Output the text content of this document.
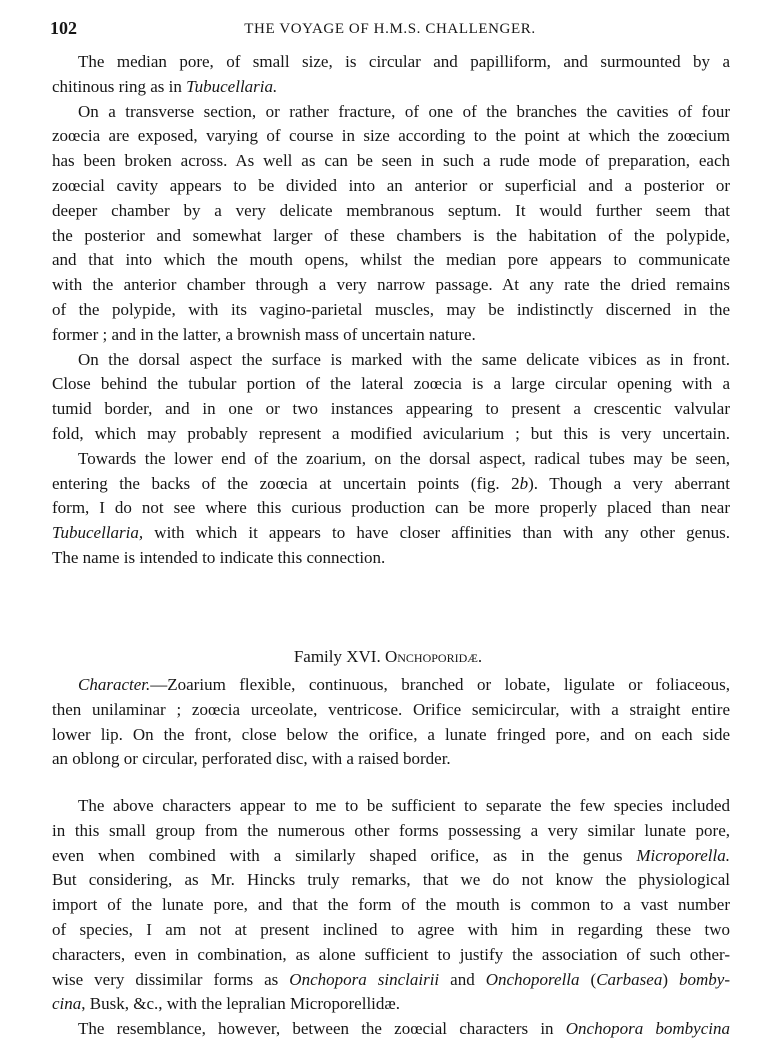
102	THE VOYAGE OF H.M.S. CHALLENGER.
The median pore, of small size, is circular and papilliform, and surmounted by a
chitinous ring as in Tubucellaria.
On a transverse section, or rather fracture, of one of the branches the cavities of four
zoœcia are exposed, varying of course in size according to the point at which the zoœcium
has been broken across. As well as can be seen in such a rude mode of preparation, each
zoœcial cavity appears to be divided into an anterior or superficial and a posterior or
deeper chamber by a very delicate membranous septum. It would further seem that
the posterior and somewhat larger of these chambers is the habitation of the polypide,
and that into which the mouth opens, whilst the median pore appears to communicate
with the anterior chamber through a very narrow passage. At any rate the dried remains
of the polypide, with its vagino-parietal muscles, may be indistinctly discerned in the
former ; and in the latter, a brownish mass of uncertain nature.
On the dorsal aspect the surface is marked with the same delicate vibices as in front.
Close behind the tubular portion of the lateral zoœcia is a large circular opening with a
tumid border, and in one or two instances appearing to present a crescentic valvular
fold, which may probably represent a modified avicularium ; but this is very uncertain.
Towards the lower end of the zoarium, on the dorsal aspect, radical tubes may be seen,
entering the backs of the zoœcia at uncertain points (fig. 2b). Though a very aberrant
form, I do not see where this curious production can be more properly placed than near
Tubucellaria, with which it appears to have closer affinities than with any other genus.
The name is intended to indicate this connection.
Family XVI. Onchoporidæ.
Character.—Zoarium flexible, continuous, branched or lobate, ligulate or foliaceous,
then unilaminar ; zoœcia urceolate, ventricose. Orifice semicircular, with a straight entire
lower lip. On the front, close below the orifice, a lunate fringed pore, and on each side
an oblong or circular, perforated disc, with a raised border.
The above characters appear to me to be sufficient to separate the few species included
in this small group from the numerous other forms possessing a very similar lunate pore,
even when combined with a similarly shaped orifice, as in the genus Microporella.
But considering, as Mr. Hincks truly remarks, that we do not know the physiological
import of the lunate pore, and that the form of the mouth is common to a vast number
of species, I am not at present inclined to agree with him in regarding these two
characters, even in combination, as alone sufficient to justify the association of such other-
wise very dissimilar forms as Onchopora sinclairii and Onchoporella (Carbasea) bomby-
cina, Busk, &c., with the lepralian Microporellidæ.
The resemblance, however, between the zoœcial characters in Onchopora bombycina
